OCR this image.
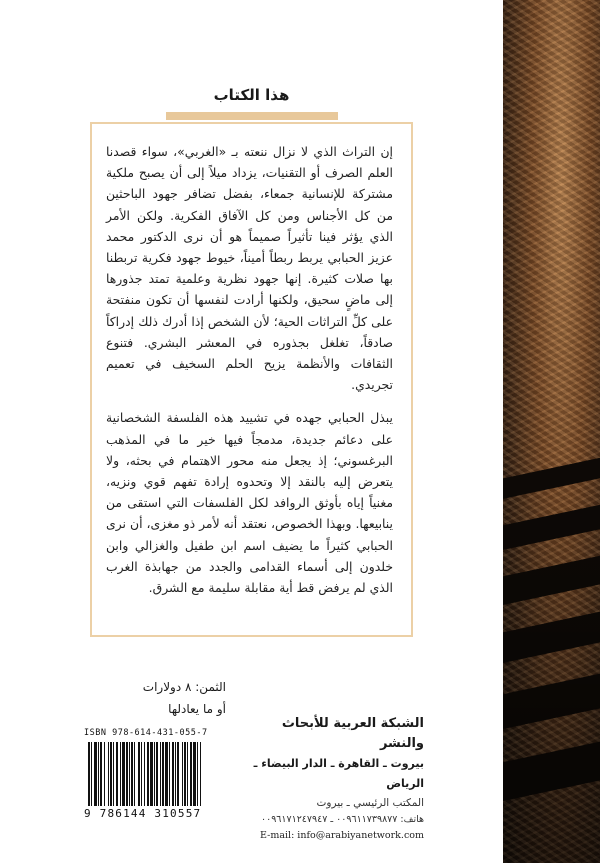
هذا الكتاب

إن التراث الذي لا نزال ننعته بـ «الغربي»، سواء قصدنا العلم الصرف أو التقنيات، يزداد ميلاً إلى أن يصبح ملكية مشتركة للإنسانية جمعاء، بفضل تضافر جهود الباحثين من كل الأجناس ومن كل الآفاق الفكرية. ولكن الأمر الذي يؤثر فينا تأثيراً صميماً هو أن نرى الدكتور محمد عزيز الحبابي يربط ربطاً أميناً، خيوط جهود فكرية تربطنا بها صلات كثيرة. إنها جهود نظرية وعلمية تمتد جذورها إلى ماضٍ سحيق، ولكنها أرادت لنفسها أن تكون منفتحة على كلِّ التراثات الحية؛ لأن الشخص إذا أدرك ذلك إدراكاً صادقاً، تغلغل بجذوره في المعشر البشري. فتنوع الثقافات والأنظمة يزيح الحلم السخيف في تعميم تجريدي.

يبذل الحبابي جهده في تشييد هذه الفلسفة الشخصانية على دعائم جديدة، مدمجاً فيها خير ما في المذهب البرغسوني؛ إذ يجعل منه محور الاهتمام في بحثه، ولا يتعرض إليه بالنقد إلا وتحدوه إرادة تفهم قوي ونزيه، مغنياً إياه بأوثق الروافد لكل الفلسفات التي استقى من ينابيعها. وبهذا الخصوص، نعتقد أنه لأمر ذو مغزى، أن نرى الحبابي كثيراً ما يضيف اسم ابن طفيل والغزالي وابن خلدون إلى أسماء القدامى والجدد من جهابذة الغرب الذي لم يرفض قط أية مقابلة سليمة مع الشرق.

الثمن: ٨ دولارات
أو ما يعادلها
الشبكة العربية للأبحاث والنشر
بيروت ـ القاهرة ـ الدار البيضاء ـ الرياض
المكتب الرئيسي ـ بيروت
هاتف: ٠٠٩٦١١٧٣٩٨٧٧ ـ ٠٠٩٦١٧١٢٤٧٩٤٧
E-mail: info@arabiyanetwork.com
ISBN 978-614-431-055-7
9 786144 310557
